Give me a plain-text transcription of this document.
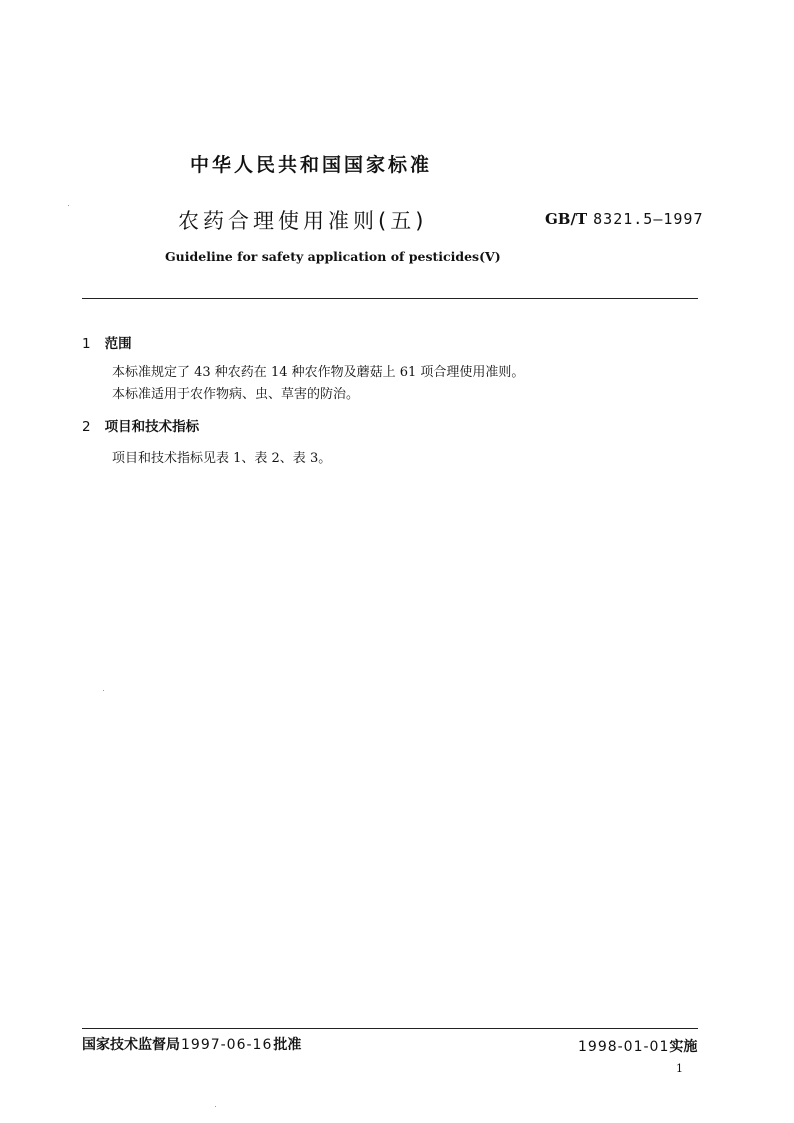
中华人民共和国国家标准
农药合理使用准则(五)	GB/T 8321.5—1997
Guideline for safety application of pesticides(Ⅴ)
1 范围
本标准规定了 43 种农药在 14 种农作物及蘑菇上 61 项合理使用准则。
本标准适用于农作物病、虫、草害的防治。
2 项目和技术指标
项目和技术指标见表 1、表 2、表 3。
国家技术监督局1997-06-16批准	1998-01-01实施
1
